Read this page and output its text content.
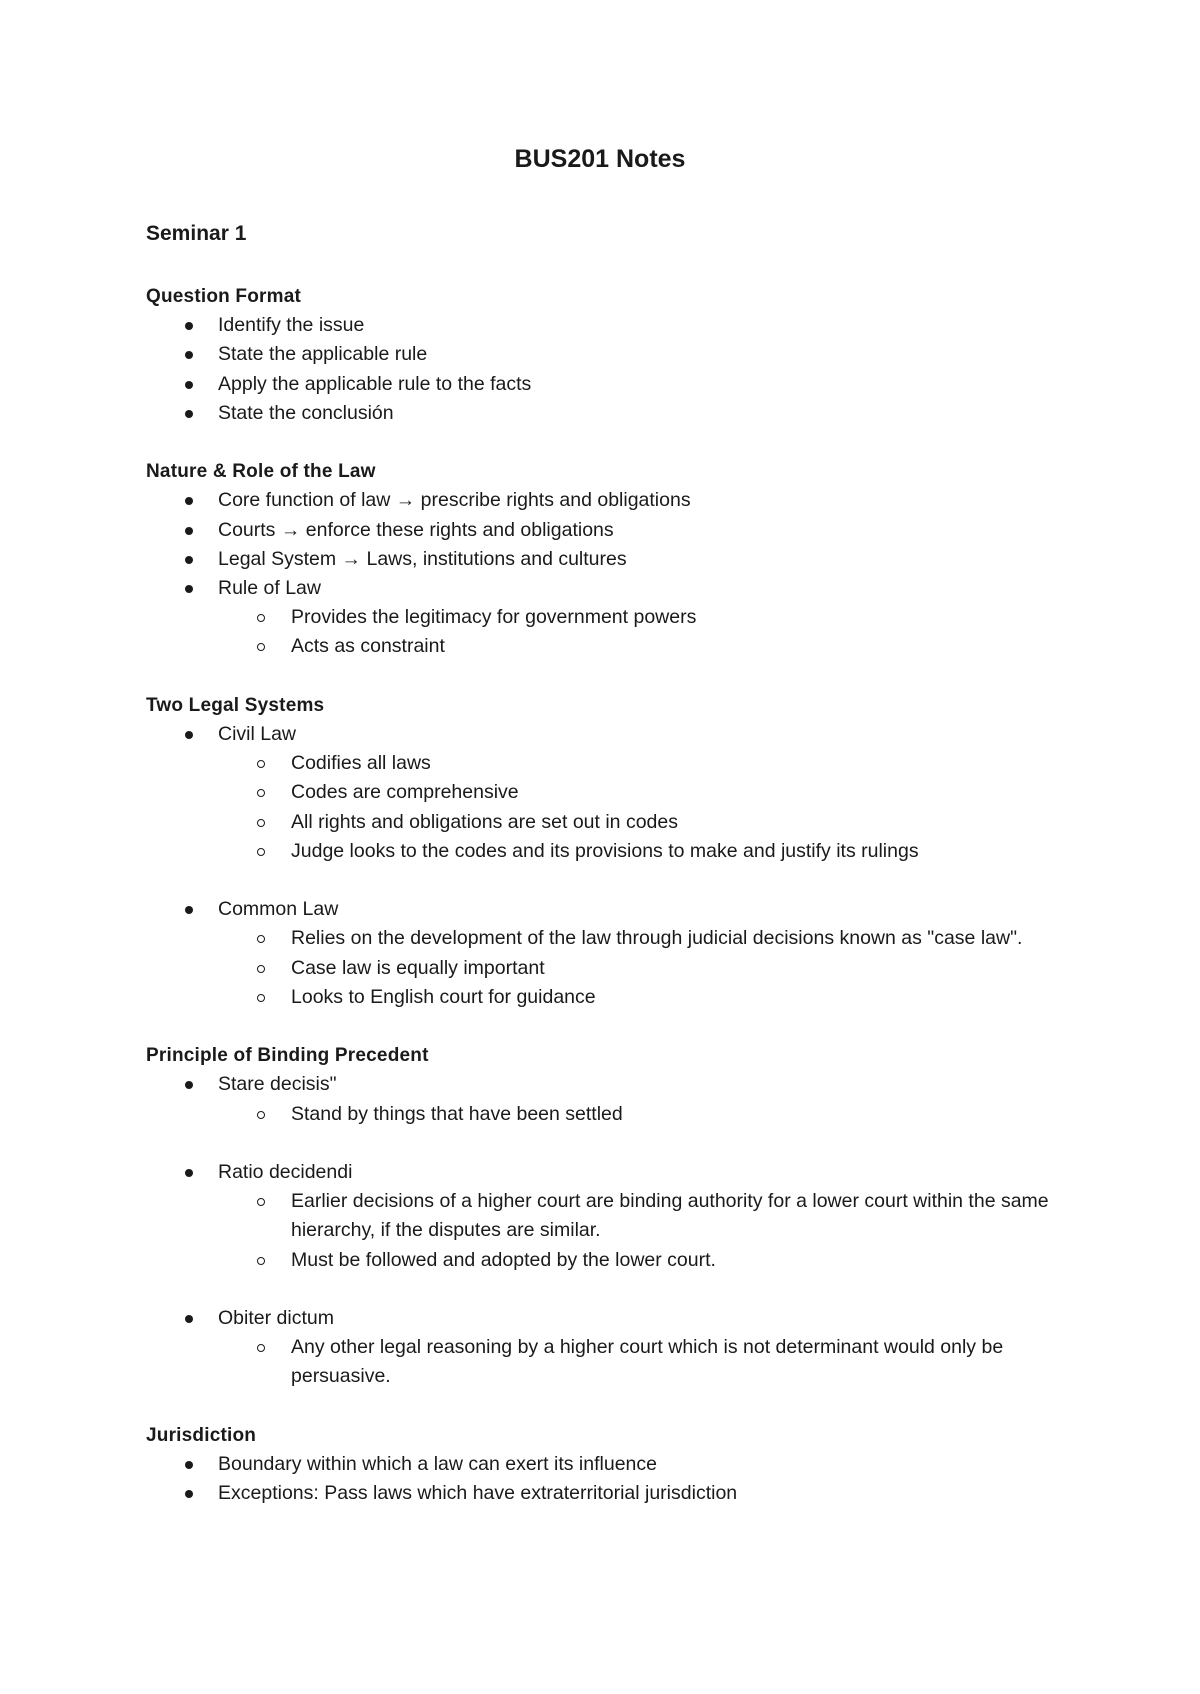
BUS201 Notes
Seminar 1
Question Format
Identify the issue
State the applicable rule
Apply the applicable rule to the facts
State the conclusión
Nature & Role of the Law
Core function of law → prescribe rights and obligations
Courts → enforce these rights and obligations
Legal System → Laws, institutions and cultures
Rule of Law
Provides the legitimacy for government powers
Acts as constraint
Two Legal Systems
Civil Law
Codifies all laws
Codes are comprehensive
All rights and obligations are set out in codes
Judge looks to the codes and its provisions to make and justify its rulings
Common Law
Relies on the development of the law through judicial decisions known as "case law".
Case law is equally important
Looks to English court for guidance
Principle of Binding Precedent
Stare decisis"
Stand by things that have been settled
Ratio decidendi
Earlier decisions of a higher court are binding authority for a lower court within the same hierarchy, if the disputes are similar.
Must be followed and adopted by the lower court.
Obiter dictum
Any other legal reasoning by a higher court which is not determinant would only be persuasive.
Jurisdiction
Boundary within which a law can exert its influence
Exceptions: Pass laws which have extraterritorial jurisdiction
